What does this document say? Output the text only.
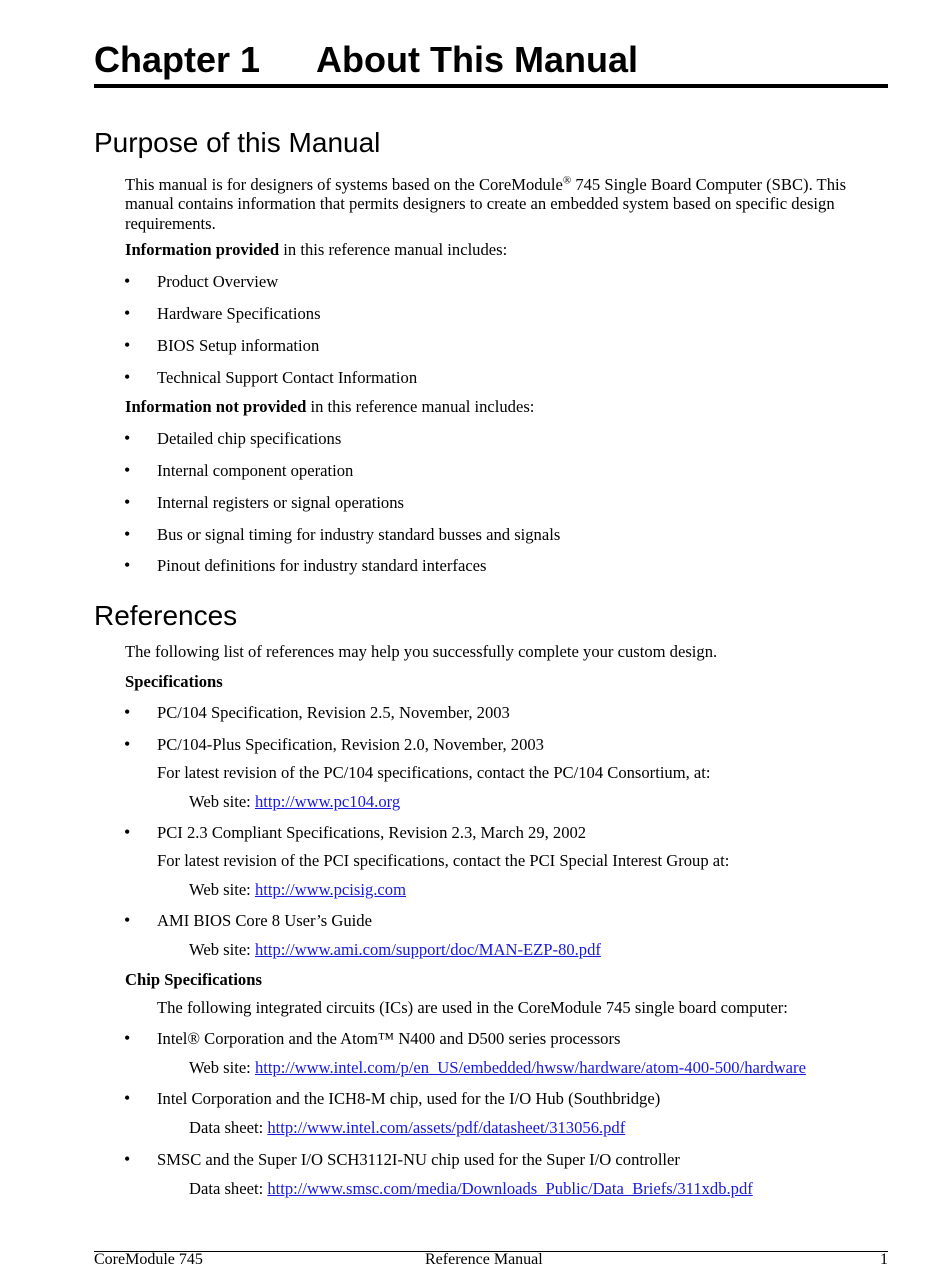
Chapter 1 About This Manual
Purpose of this Manual
This manual is for designers of systems based on the CoreModule® 745 Single Board Computer (SBC). This manual contains information that permits designers to create an embedded system based on specific design requirements.
Information provided in this reference manual includes:
• Product Overview
• Hardware Specifications
• BIOS Setup information
• Technical Support Contact Information
Information not provided in this reference manual includes:
• Detailed chip specifications
• Internal component operation
• Internal registers or signal operations
• Bus or signal timing for industry standard busses and signals
• Pinout definitions for industry standard interfaces
References
The following list of references may help you successfully complete your custom design.
Specifications
• PC/104 Specification, Revision 2.5, November, 2003
• PC/104-Plus Specification, Revision 2.0, November, 2003
For latest revision of the PC/104 specifications, contact the PC/104 Consortium, at:
Web site: http://www.pc104.org
• PCI 2.3 Compliant Specifications, Revision 2.3, March 29, 2002
For latest revision of the PCI specifications, contact the PCI Special Interest Group at:
Web site: http://www.pcisig.com
• AMI BIOS Core 8 User’s Guide
Web site: http://www.ami.com/support/doc/MAN-EZP-80.pdf
Chip Specifications
The following integrated circuits (ICs) are used in the CoreModule 745 single board computer:
• Intel® Corporation and the Atom™ N400 and D500 series processors
Web site: http://www.intel.com/p/en_US/embedded/hwsw/hardware/atom-400-500/hardware
• Intel Corporation and the ICH8-M chip, used for the I/O Hub (Southbridge)
Data sheet: http://www.intel.com/assets/pdf/datasheet/313056.pdf
• SMSC and the Super I/O SCH3112I-NU chip used for the Super I/O controller
Data sheet: http://www.smsc.com/media/Downloads_Public/Data_Briefs/311xdb.pdf
CoreModule 745	Reference Manual	1
